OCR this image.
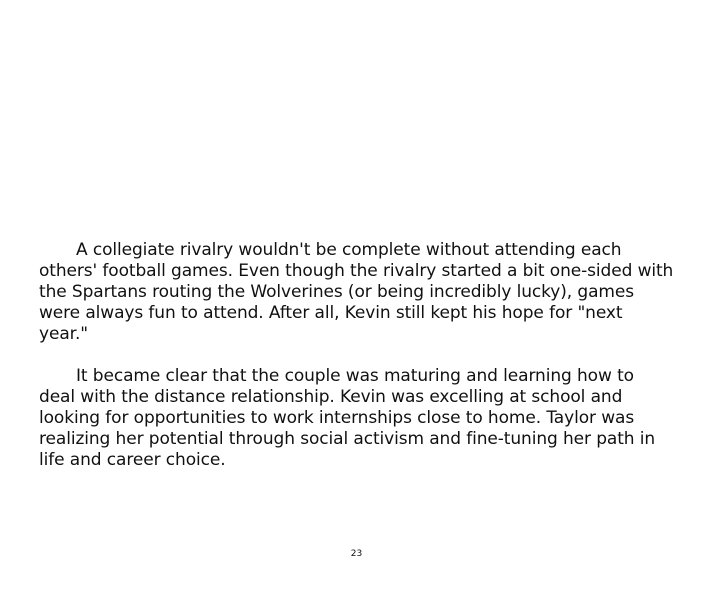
A collegiate rivalry wouldn't be complete without attending each others' football games. Even though the rivalry started a bit one-sided with the Spartans routing the Wolverines (or being incredibly lucky), games were always fun to attend. After all, Kevin still kept his hope for "next year."

It became clear that the couple was maturing and learning how to deal with the distance relationship. Kevin was excelling at school and looking for opportunities to work internships close to home. Taylor was realizing her potential through social activism and fine-tuning her path in life and career choice.

23
